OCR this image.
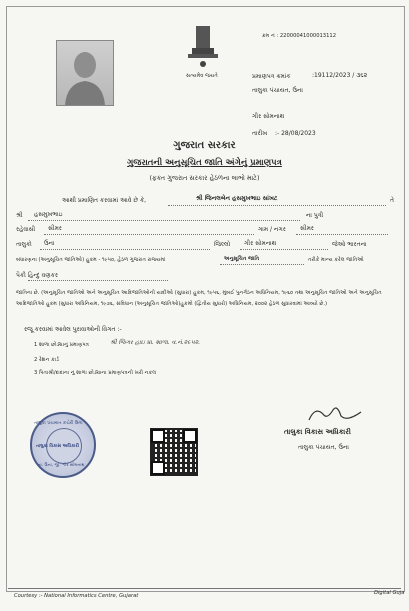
ક્રમ નં : 22000041000013112
સત્યમેવ જયતે	પ્રમાણપત્ર ક્રમાંક	:19112/2023 / ૩૬૨
તાલુકા પંચાયત, ઉના
ગીર સોમનાથ
તારીખ :- 28/08/2023
ગુજરાત સરકાર
ગુજરાતની અનુસૂચિત જાતિ અંગેનું પ્રમાણપત્ર
(ફક્ત ગુજરાત સરકાર હેઠળના લાભો માટે)
આથી પ્રમાણિત કરવામાં આવે છે કે,	શ્રી જિનલબેન હસમુખભાઇ સાંખટ	તે
શ્રી હસમુખભાઇ	ના પુત્રી
રહેવાસી સીમર	ગામ / નગર સીમર
તાલુકો ઉના	જિલ્લો ગીર સોમનાથ	જેઓ ભારતના
બંધારણના (અનુસૂચિત જાતિઓ) હુકમ - ૧૯૫૦, હેઠળ ગુજરાત રાજ્યમાં	અનુસૂચિત જાતિ	તરીકે માન્ય કરેલ જાતિઓ
પૈકી હિન્દુ વણકર
જાતિના છે. (અનુસૂચિત જાતિઓ અને અનુસૂચિત આદિજાતિઓની યાદીઓ (સુધારા) હુકમ, ૧૯૫૬, મુંબઈ પુનર્ગઠન અધિનિયમ, ૧૯૬૦ તથા અનુસૂચિત જાતિઓ અને અનુસૂચિત આદિજાતિઓ હુકમ (સુધારા અધિનિયમ, ૧૯૭૬, સંવિધાન (અનુસૂચિત જાતિઓ)હુકમો (દ્વિતીય સુધારો) અધિનિયમ, ૨૦૦૨ હેઠળ સુધારવામાં આવ્યો છે.)
રજૂ કરવામાં આવેલ પુરાવાઓની વિગત :-
1 શાળા છોડ્યાનું પ્રમાણપત્ર	શ્રી જિગર હાઇ પ્રા. શાળા. વ.નં.૨૯૫૨.
2 રેશન કાર્ડ
3 પિતાશ્રી/દાદાના નું શાળા છોડ્યાના પ્રમાણપત્રની ખરી નકલ
તાલુકા પંચાયત કચેરી ઉના
તાલુકા વિકાસ અધિકારી
તા. ઉના, જી. ગીર સોમનાથ
તાલુકા વિકાસ અધિકારી
તાલુકા પંચાયત, ઉના
Courtesy :- National Informatics Centre, Gujarat	Digital Guja
